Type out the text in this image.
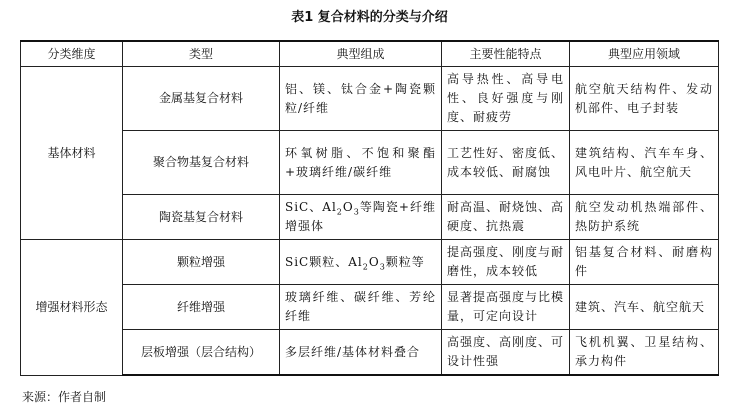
表1 复合材料的分类与介绍
分类维度	类型	典型组成	主要性能特点	典型应用领域
基体材料	金属基复合材料	铝、镁、钛合金+陶瓷颗粒/纤维	高导热性、高导电性、良好强度与刚度、耐疲劳	航空航天结构件、发动机部件、电子封装
	聚合物基复合材料	环氧树脂、不饱和聚酯+玻璃纤维/碳纤维	工艺性好、密度低、成本较低、耐腐蚀	建筑结构、汽车车身、风电叶片、航空航天
	陶瓷基复合材料	SiC、$Al_2O_3$等陶瓷+纤维增强体	耐高温、耐烧蚀、高硬度、抗热震	航空发动机热端部件、热防护系统
增强材料形态	颗粒增强	SiC颗粒、$Al_2O_3$颗粒等	提高强度、刚度与耐磨性，成本较低	铝基复合材料、耐磨构件
	纤维增强	玻璃纤维、碳纤维、芳纶纤维	显著提高强度与比模量，可定向设计	建筑、汽车、航空航天
	层板增强（层合结构）	多层纤维/基体材料叠合	高强度、高刚度、可设计性强	飞机机翼、卫星结构、承力构件
来源：作者自制
